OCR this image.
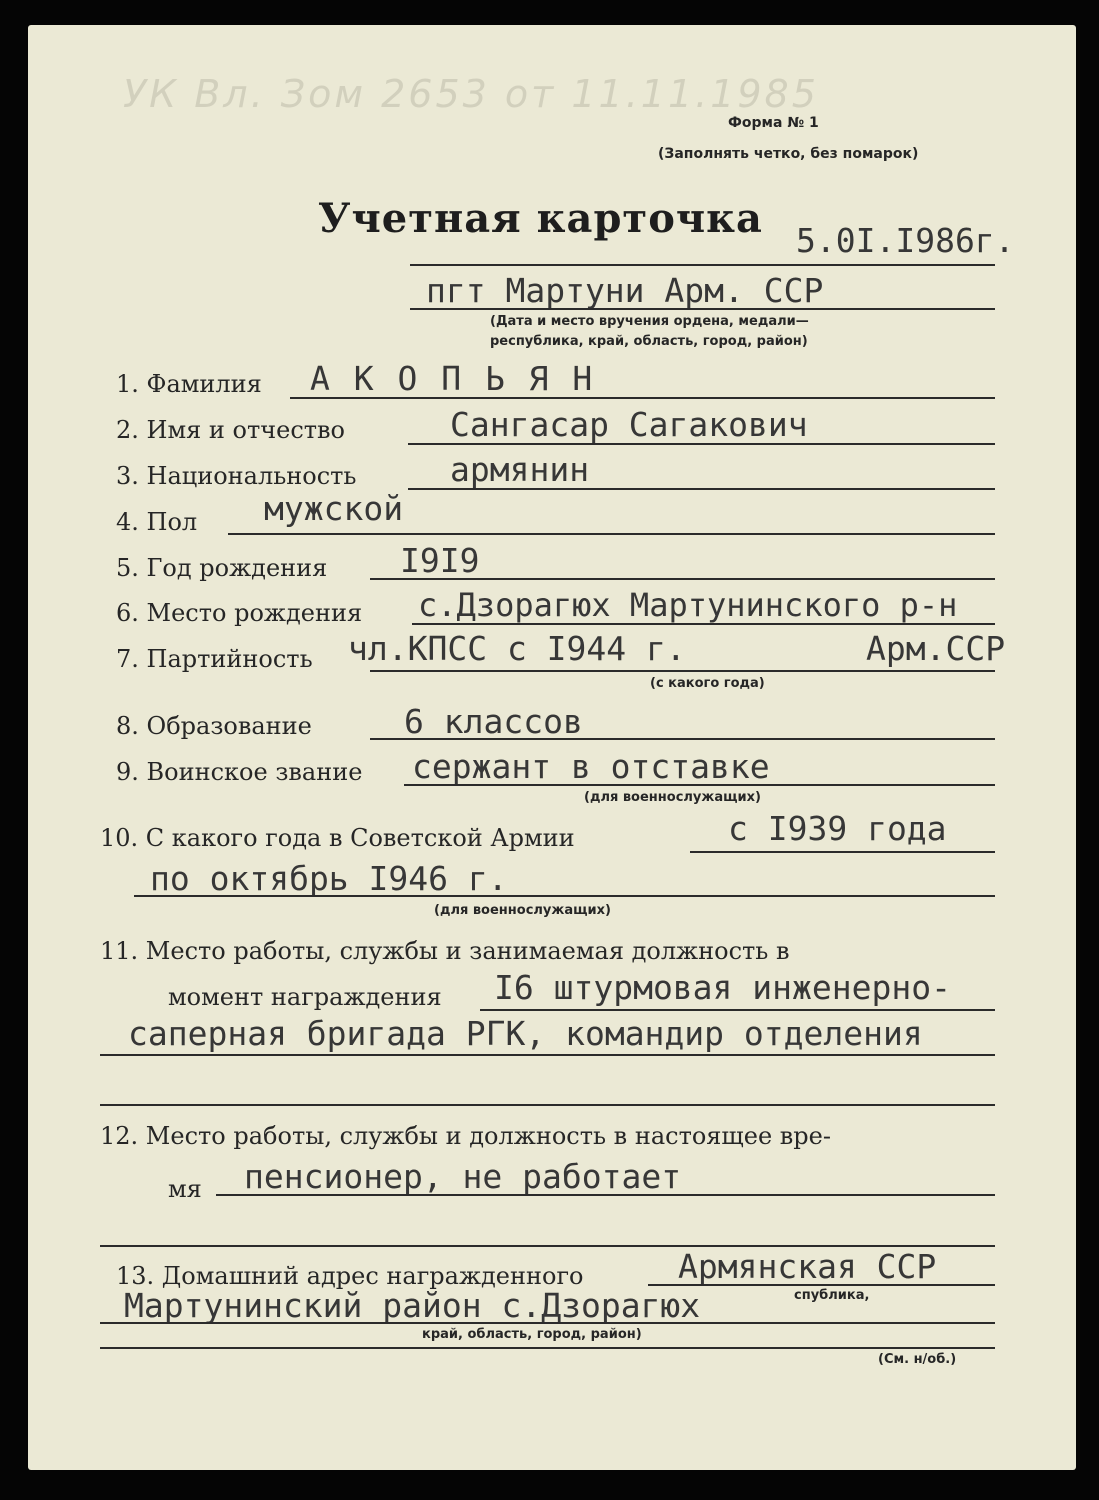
УК Вл. Зом 2653 от 11.11.1985
Форма № 1
(Заполнять четко, без помарок)
Учетная карточка 5.0I.I986г.
пгт Мартуни Арм. ССР
(Дата и место вручения ордена, медали—
республика, край, область, город, район)
1. Фамилия А К О П Ь Я Н
2. Имя и отчество	Сангасар Сагакович
3. Национальность	армянин
4. Пол мужской
5. Год рождения I9I9
6. Место рождения с.Дзорагюх Мартунинского р-н
7. Партийность чл.КПСС с I944 г.	Арм.ССР
(с какого года)
8. Образование	6 классов
9. Воинское звание сержант в отставке
(для военнослужащих)
10. С какого года в Советской Армии	с I939 года
по октябрь I946 г.
(для военнослужащих)
11. Место работы, службы и занимаемая должность в
момент награждения I6 штурмовая инженерно-
саперная бригада РГК, командир отделения
12. Место работы, службы и должность в настоящее вре-
мя пенсионер, не работает
13. Домашний адрес награжденного	Армянская ССР
спублика,
Мартунинский район с.Дзорагюх
край, область, город, район)
(См. н/об.)
